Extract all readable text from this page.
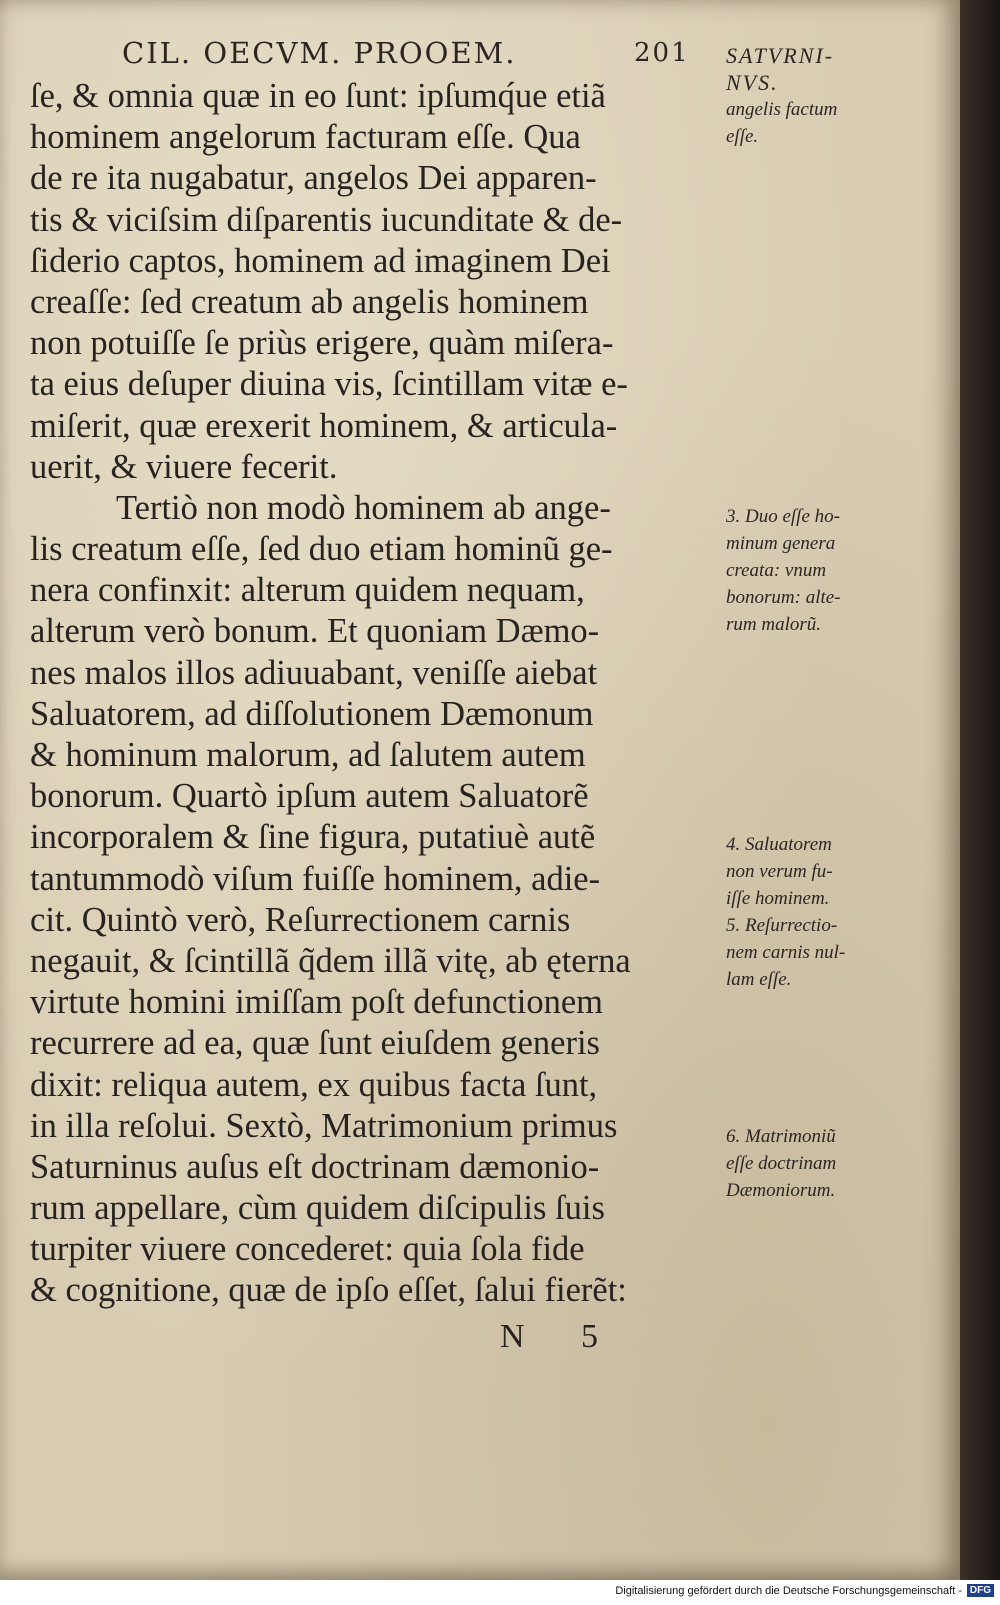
CIL. OECVM. PROOEM.	201
ſe, & omnia quæ in eo ſunt: ipſumq́ue etiã
hominem angelorum facturam eſſe. Qua
de re ita nugabatur, angelos Dei apparen-
tis & viciſsim diſparentis iucunditate & de-
ſiderio captos, hominem ad imaginem Dei
creaſſe: ſed creatum ab angelis hominem
non potuiſſe ſe priùs erigere, quàm miſera-
ta eius deſuper diuina vis, ſcintillam vitæ e-
miſerit, quæ erexerit hominem, & articula-
uerit, & viuere fecerit.
Tertiò non modò hominem ab ange-
lis creatum eſſe, ſed duo etiam hominũ ge-
nera confinxit: alterum quidem nequam,
alterum verò bonum. Et quoniam Dæmo-
nes malos illos adiuuabant, veniſſe aiebat
Saluatorem, ad diſſolutionem Dæmonum
& hominum malorum, ad ſalutem autem
bonorum. Quartò ipſum autem Saluatorẽ
incorporalem & ſine figura, putatiuè autẽ
tantummodò viſum fuiſſe hominem, adie-
cit. Quintò verò, Reſurrectionem carnis
negauit, & ſcintillã q̃dem illã vitę, ab ęterna
virtute homini imiſſam poſt defunctionem
recurrere ad ea, quæ ſunt eiuſdem generis
dixit: reliqua autem, ex quibus facta ſunt,
in illa reſolui. Sextò, Matrimonium primus
Saturninus auſus eſt doctrinam dæmonio-
rum appellare, cùm quidem diſcipulis ſuis
turpiter viuere concederet: quia ſola fide
& cognitione, quæ de ipſo eſſet, ſalui fierẽt:
N 5
SATVRNI-
NVS.
angelis factum
eſſe.
3. Duo eſſe ho-
minum genera
creata: vnum
bonorum: alte-
rum malorũ.
4. Saluatorem
non verum fu-
iſſe hominem.
5. Reſurrectio-
nem carnis nul-
lam eſſe.
6. Matrimoniũ
eſſe doctrinam
Dæmoniorum.
Digitalisierung gefördert durch die Deutsche Forschungsgemeinschaft - DFG
